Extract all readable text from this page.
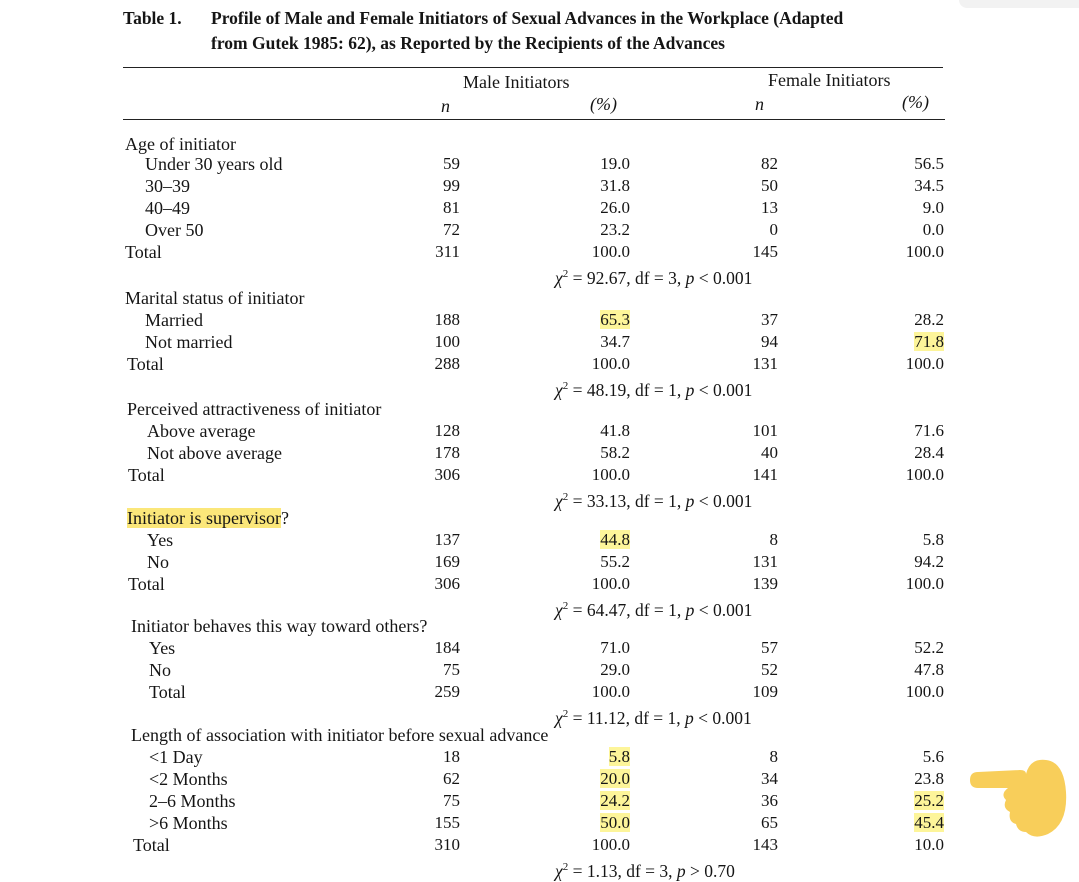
Table 1. Profile of Male and Female Initiators of Sexual Advances in the Workplace (Adapted
from Gutek 1985: 62), as Reported by the Recipients of the Advances
Male Initiators	Female Initiators
n	(%)	n	(%)
Age of initiator
Under 30 years old	59	19.0	82	56.5
30–39	99	31.8	50	34.5
40–49	81	26.0	13	9.0
Over 50	72	23.2	0	0.0
Total	311	100.0	145	100.0
$\chi^2 = 92.67$, df = 3, p < 0.001
Marital status of initiator
Married	188	65.3	37	28.2
Not married	100	34.7	94	71.8
Total	288	100.0	131	100.0
$\chi^2 = 48.19$, df = 1, p < 0.001
Perceived attractiveness of initiator
Above average	128	41.8	101	71.6
Not above average	178	58.2	40	28.4
Total	306	100.0	141	100.0
$\chi^2 = 33.13$, df = 1, p < 0.001
Initiator is supervisor?
Yes	137	44.8	8	5.8
No	169	55.2	131	94.2
Total	306	100.0	139	100.0
$\chi^2 = 64.47$, df = 1, p < 0.001
Initiator behaves this way toward others?
Yes	184	71.0	57	52.2
No	75	29.0	52	47.8
Total	259	100.0	109	100.0
$\chi^2 = 11.12$, df = 1, p < 0.001
Length of association with initiator before sexual advance
<1 Day	18	5.8	8	5.6
<2 Months	62	20.0	34	23.8
2–6 Months	75	24.2	36	25.2
>6 Months	155	50.0	65	45.4
Total	310	100.0	143	10.0
$\chi^2 = 1.13$, df = 3, p > 0.70
